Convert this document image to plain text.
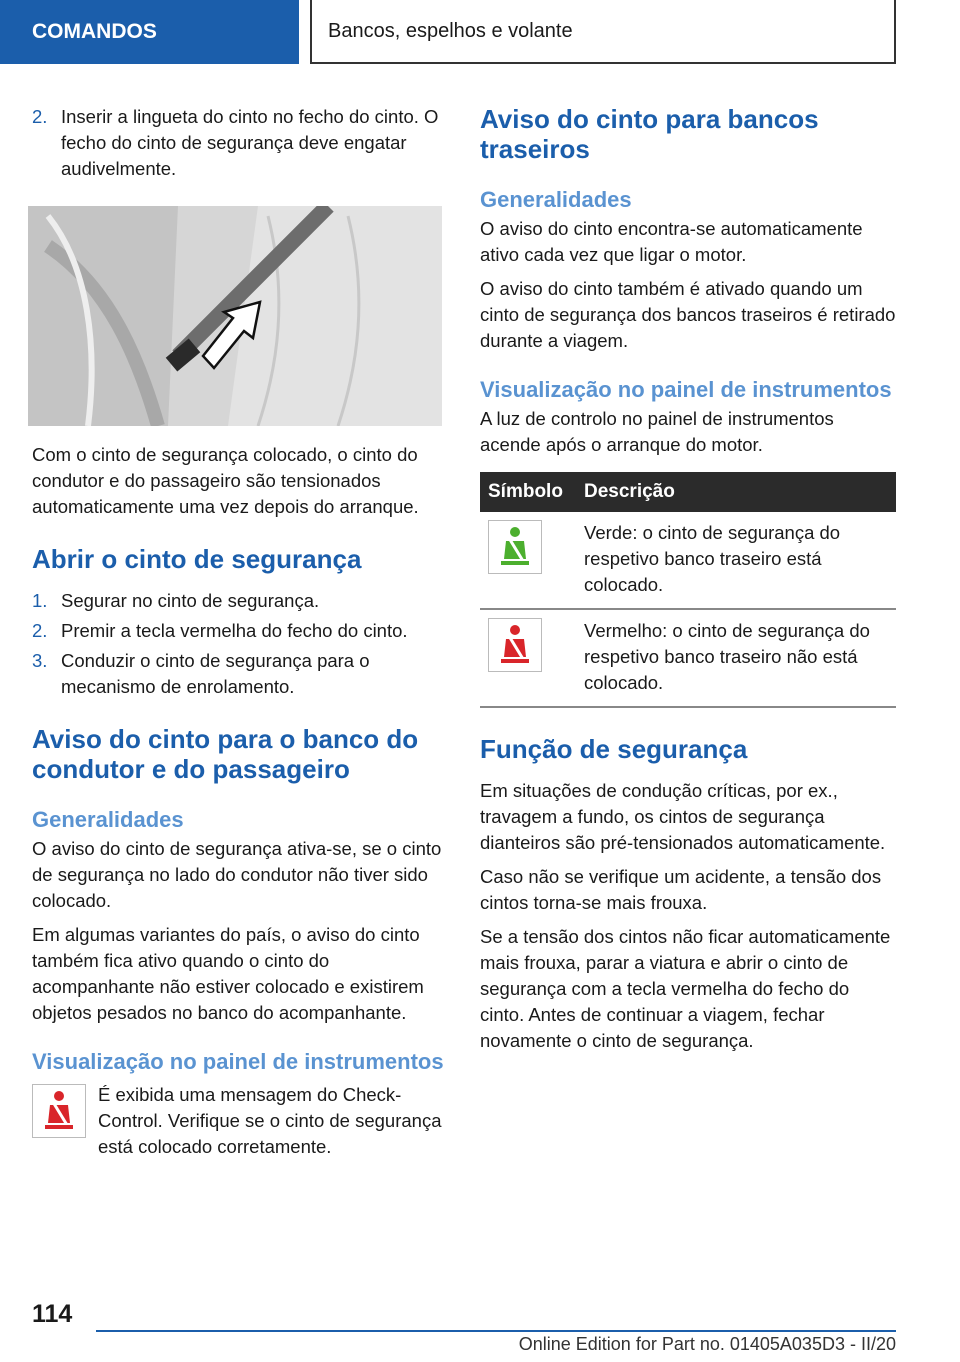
COMANDOS	Bancos, espelhos e volante
2. Inserir a lingueta do cinto no fecho do cinto. O fecho do cinto de segurança deve engatar audivelmente.

Com o cinto de segurança colocado, o cinto do condutor e do passageiro são tensionados automaticamente uma vez depois do arranque.

Abrir o cinto de segurança
1. Segurar no cinto de segurança.
2. Premir a tecla vermelha do fecho do cinto.
3. Conduzir o cinto de segurança para o mecanismo de enrolamento.
Aviso do cinto para o banco do condutor e do passageiro
Generalidades

O aviso do cinto de segurança ativa-se, se o cinto de segurança no lado do condutor não tiver sido colocado.

Em algumas variantes do país, o aviso do cinto também fica ativo quando o cinto do acompanhante não estiver colocado e existirem objetos pesados no banco do acompanhante.

Visualização no painel de instrumentos

É exibida uma mensagem do Check-Control. Verifique se o cinto de segurança está colocado corretamente.

Aviso do cinto para bancos traseiros
Generalidades

O aviso do cinto encontra-se automaticamente ativo cada vez que ligar o motor.

O aviso do cinto também é ativado quando um cinto de segurança dos bancos traseiros é retirado durante a viagem.

Visualização no painel de instrumentos

A luz de controlo no painel de instrumentos acende após o arranque do motor.

Símbolo	Descrição
	Verde: o cinto de segurança do respetivo banco traseiro está colocado.
	Vermelho: o cinto de segurança do respetivo banco traseiro não está colocado.
Função de segurança

Em situações de condução críticas, por ex., travagem a fundo, os cintos de segurança dianteiros são pré-tensionados automaticamente.

Caso não se verifique um acidente, a tensão dos cintos torna-se mais frouxa.

Se a tensão dos cintos não ficar automaticamente mais frouxa, parar a viatura e abrir o cinto de segurança com a tecla vermelha do fecho do cinto. Antes de continuar a viagem, fechar novamente o cinto de segurança.

114
Online Edition for Part no. 01405A035D3 - II/20
